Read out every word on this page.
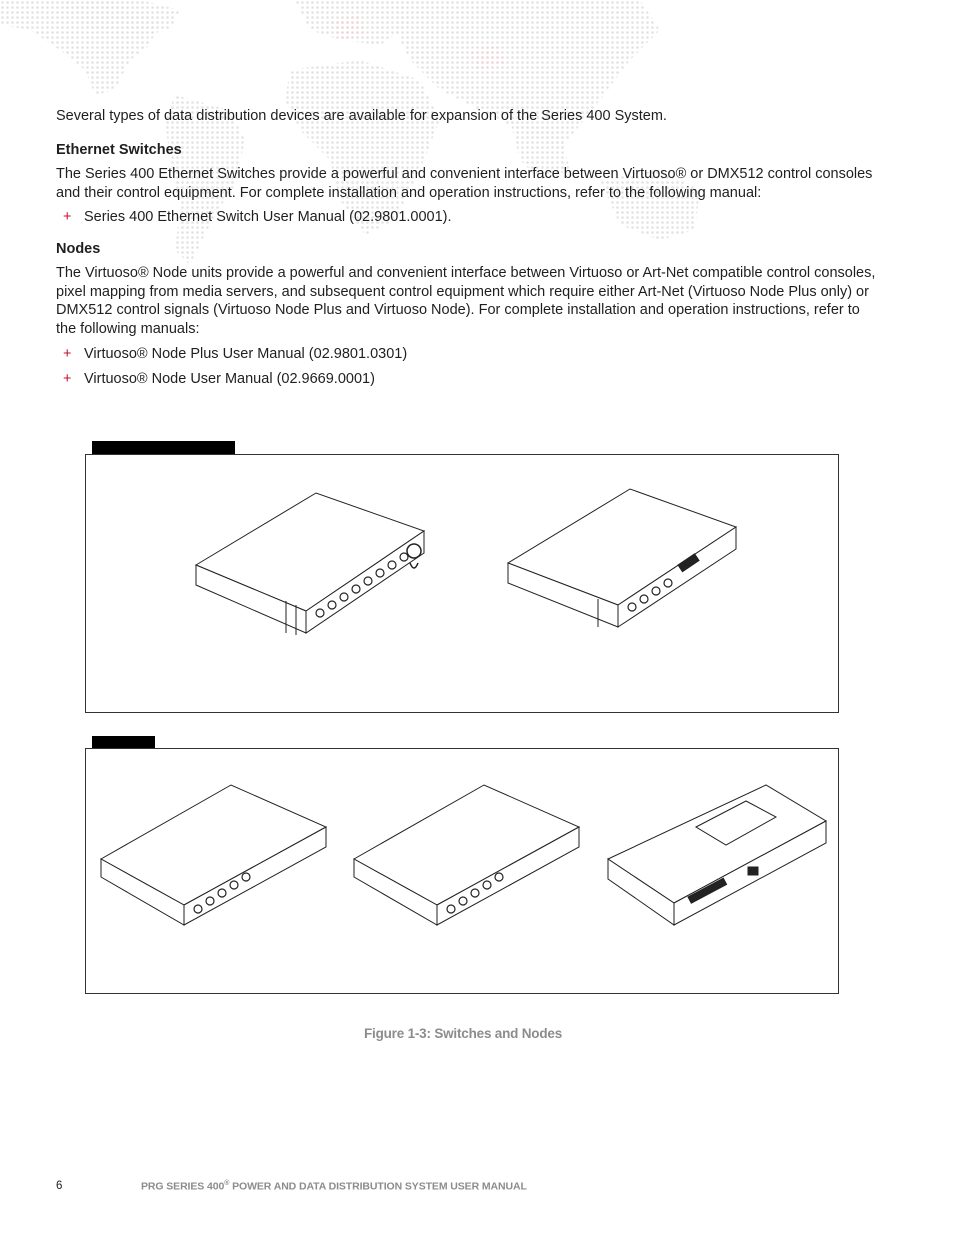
Several types of data distribution devices are available for expansion of the Series 400 System.

Ethernet Switches

The Series 400 Ethernet Switches provide a powerful and convenient interface between Virtuoso® or DMX512 control consoles and their control equipment. For complete installation and operation instructions, refer to the following manual:

+ Series 400 Ethernet Switch User Manual (02.9801.0001).
Nodes

The Virtuoso® Node units provide a powerful and convenient interface between Virtuoso or Art-Net compatible control consoles, pixel mapping from media servers, and subsequent control equipment which require either Art-Net (Virtuoso Node Plus only) or DMX512 control signals (Virtuoso Node Plus and Virtuoso Node). For complete installation and operation instructions, refer to the following manuals:

+ Virtuoso® Node Plus User Manual (02.9801.0301)
+ Virtuoso® Node User Manual (02.9669.0001)
Figure 1-3: Switches and Nodes
6	PRG SERIES 400® POWER AND DATA DISTRIBUTION SYSTEM USER MANUAL
